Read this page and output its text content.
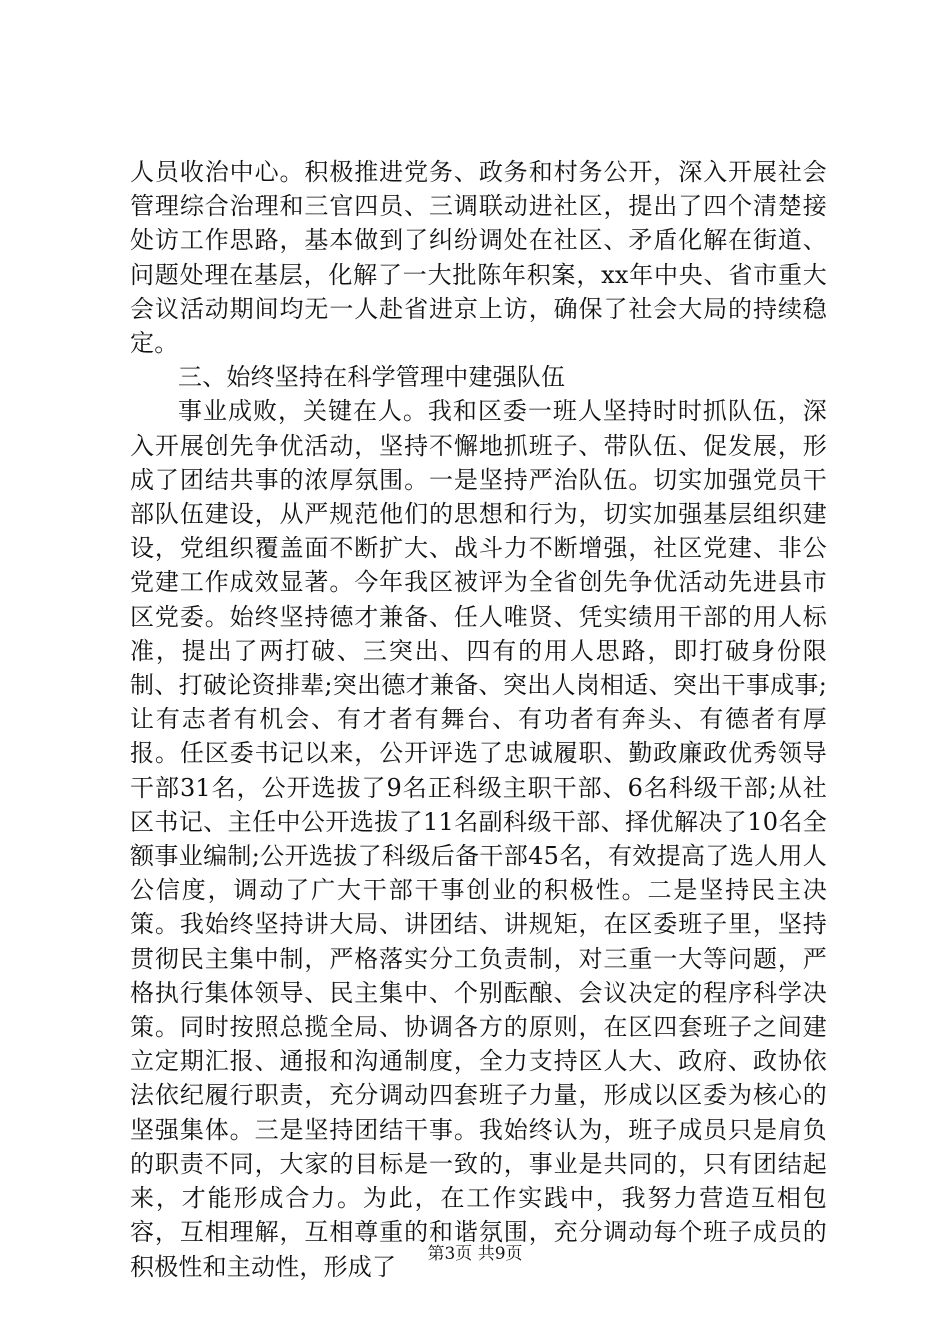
人员收治中心。积极推进党务、政务和村务公开，深入开展社会管理综合治理和三官四员、三调联动进社区，提出了四个清楚接处访工作思路，基本做到了纠纷调处在社区、矛盾化解在街道、问题处理在基层，化解了一大批陈年积案，xx年中央、省市重大会议活动期间均无一人赴省进京上访，确保了社会大局的持续稳定。

三、始终坚持在科学管理中建强队伍

事业成败，关键在人。我和区委一班人坚持时时抓队伍，深入开展创先争优活动，坚持不懈地抓班子、带队伍、促发展，形成了团结共事的浓厚氛围。一是坚持严治队伍。切实加强党员干部队伍建设，从严规范他们的思想和行为，切实加强基层组织建设，党组织覆盖面不断扩大、战斗力不断增强，社区党建、非公党建工作成效显著。今年我区被评为全省创先争优活动先进县市区党委。始终坚持德才兼备、任人唯贤、凭实绩用干部的用人标准，提出了两打破、三突出、四有的用人思路，即打破身份限制、打破论资排辈;突出德才兼备、突出人岗相适、突出干事成事;让有志者有机会、有才者有舞台、有功者有奔头、有德者有厚报。任区委书记以来，公开评选了忠诚履职、勤政廉政优秀领导干部31名，公开选拔了9名正科级主职干部、6名科级干部;从社区书记、主任中公开选拔了11名副科级干部、择优解决了10名全额事业编制;公开选拔了科级后备干部45名，有效提高了选人用人公信度，调动了广大干部干事创业的积极性。二是坚持民主决策。我始终坚持讲大局、讲团结、讲规矩，在区委班子里，坚持贯彻民主集中制，严格落实分工负责制，对三重一大等问题，严格执行集体领导、民主集中、个别酝酿、会议决定的程序科学决策。同时按照总揽全局、协调各方的原则，在区四套班子之间建立定期汇报、通报和沟通制度，全力支持区人大、政府、政协依法依纪履行职责，充分调动四套班子力量，形成以区委为核心的坚强集体。三是坚持团结干事。我始终认为，班子成员只是肩负的职责不同，大家的目标是一致的，事业是共同的，只有团结起来，才能形成合力。为此，在工作实践中，我努力营造互相包容，互相理解，互相尊重的和谐氛围，充分调动每个班子成员的积极性和主动性，形成了	第3页 共9页
